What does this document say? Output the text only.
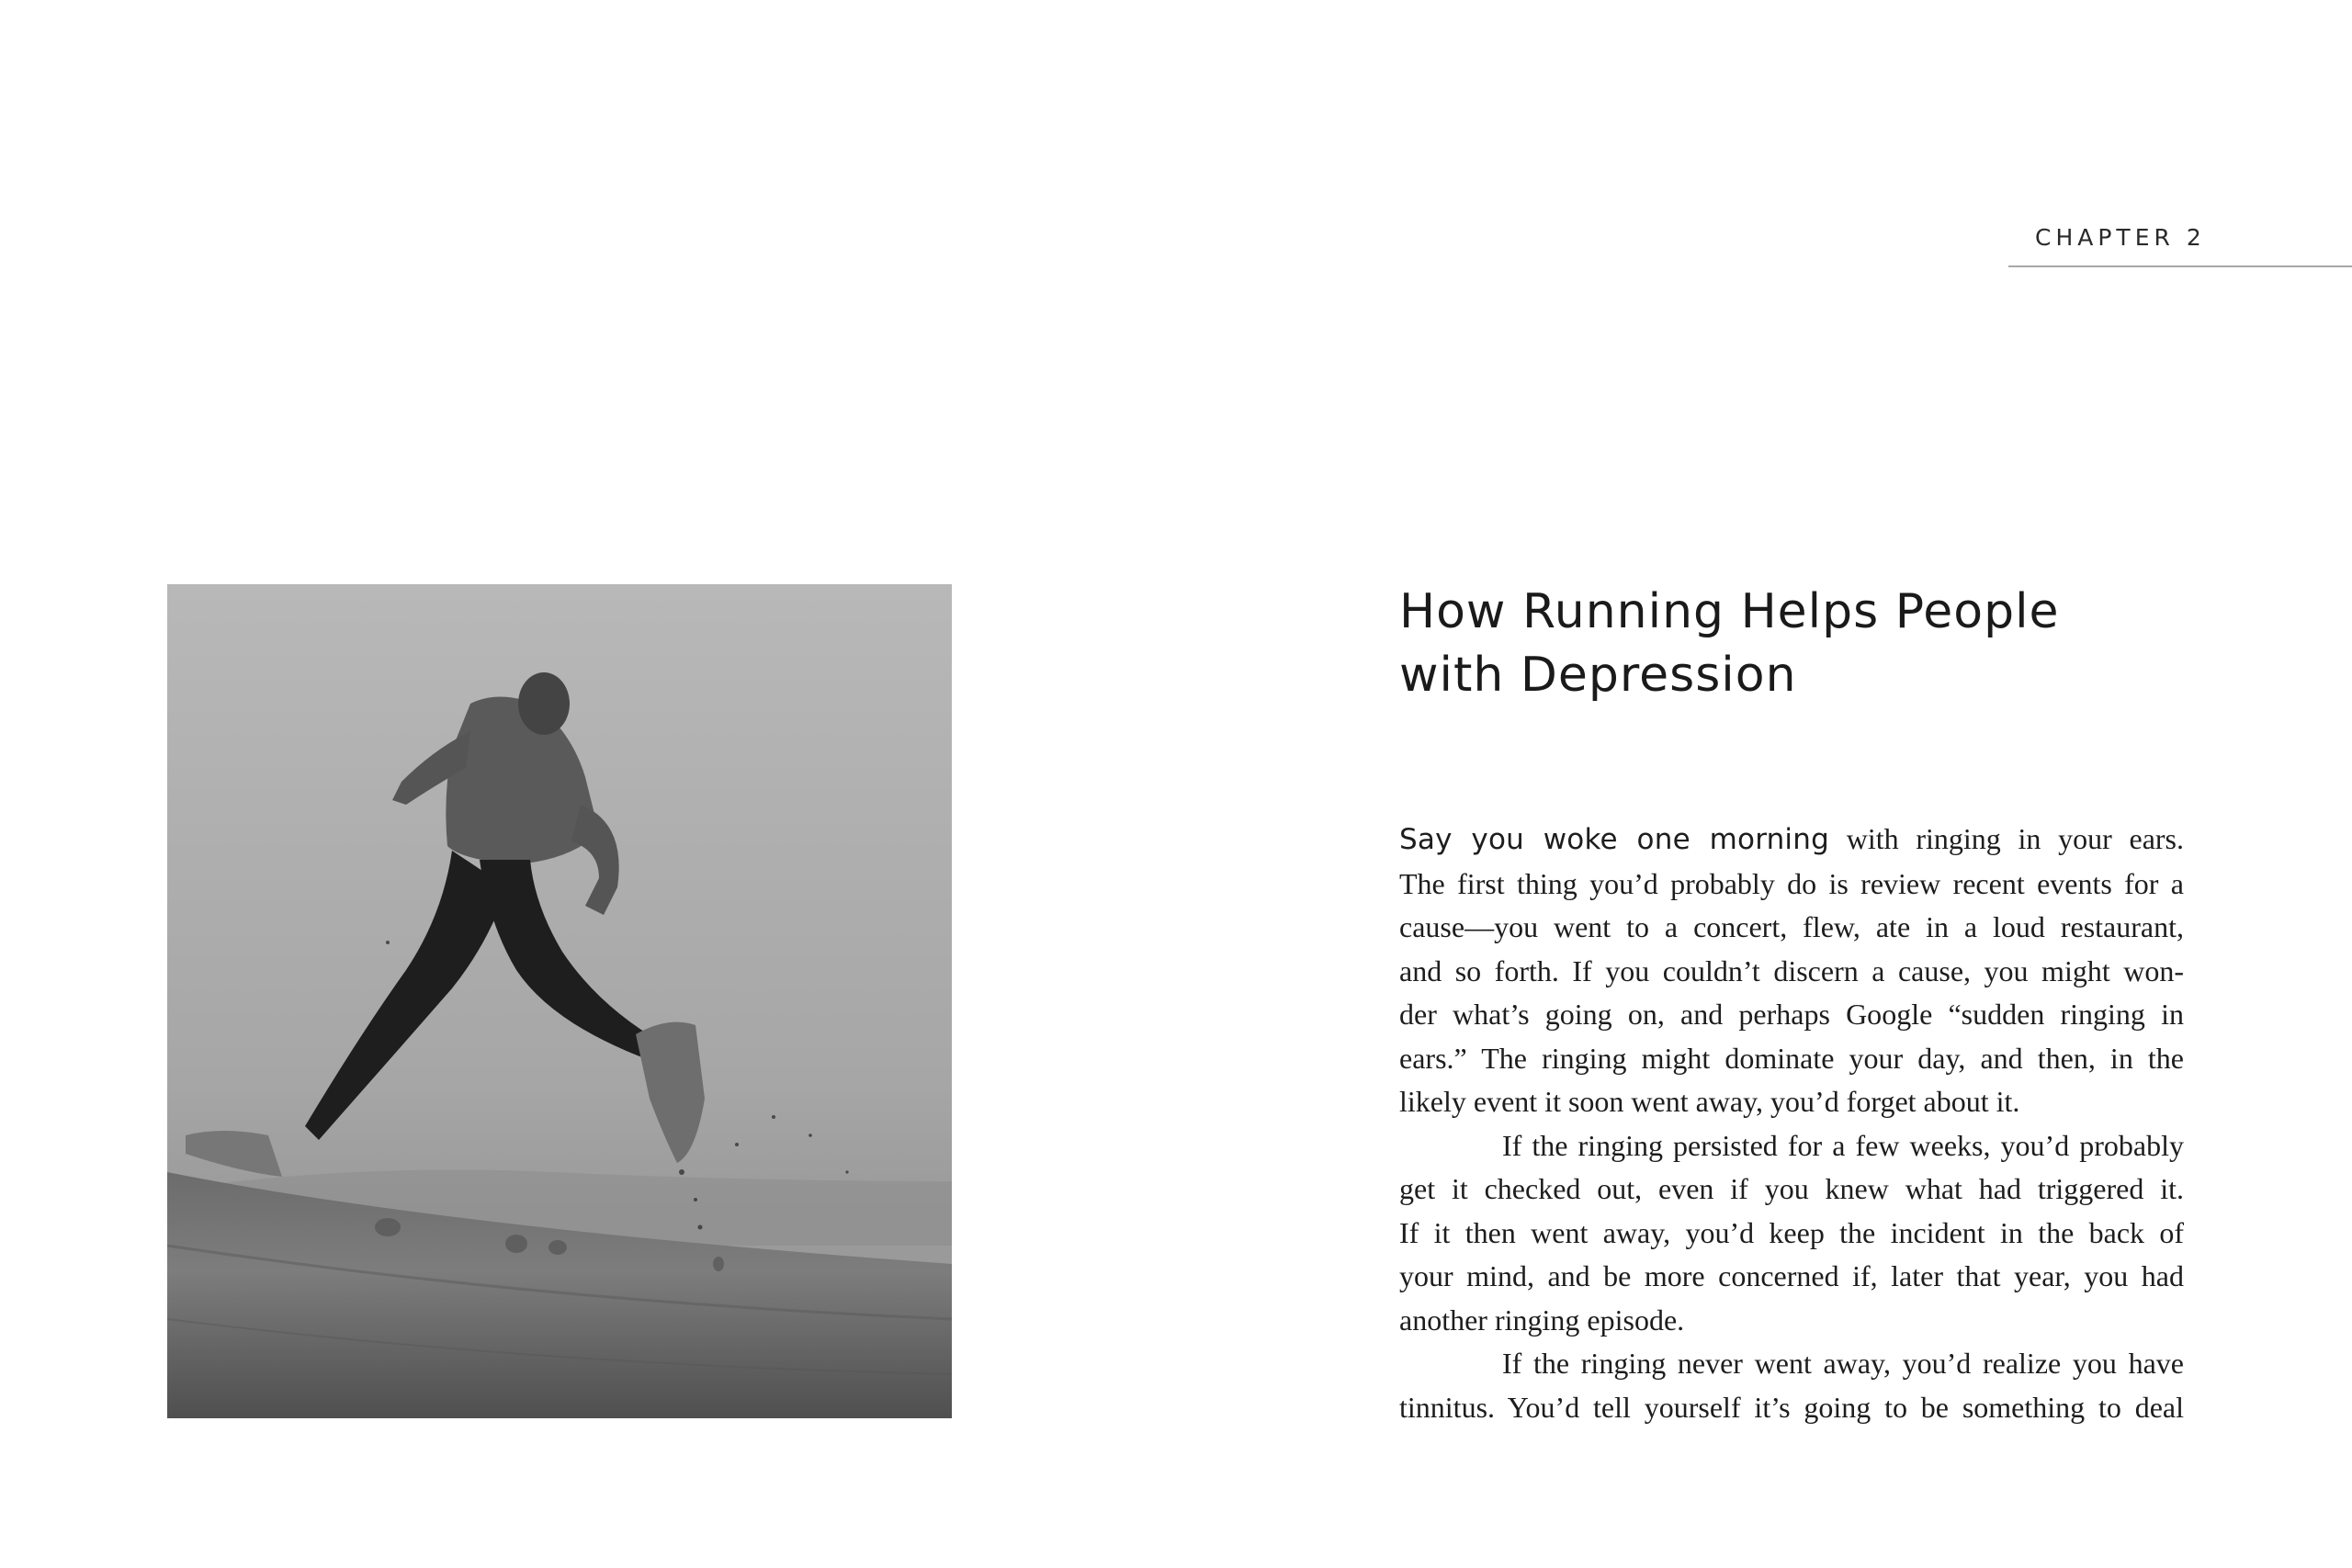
CHAPTER 2
How Running Helps People
with Depression
Say you woke one morning with ringing in your ears.
The first thing you’d probably do is review recent events for a
cause—you went to a concert, flew, ate in a loud restaurant,
and so forth. If you couldn’t discern a cause, you might won-
der what’s going on, and perhaps Google “sudden ringing in
ears.” The ringing might dominate your day, and then, in the
likely event it soon went away, you’d forget about it.
If the ringing persisted for a few weeks, you’d probably
get it checked out, even if you knew what had triggered it.
If it then went away, you’d keep the incident in the back of
your mind, and be more concerned if, later that year, you had
another ringing episode.
If the ringing never went away, you’d realize you have
tinnitus. You’d tell yourself it’s going to be something to deal
